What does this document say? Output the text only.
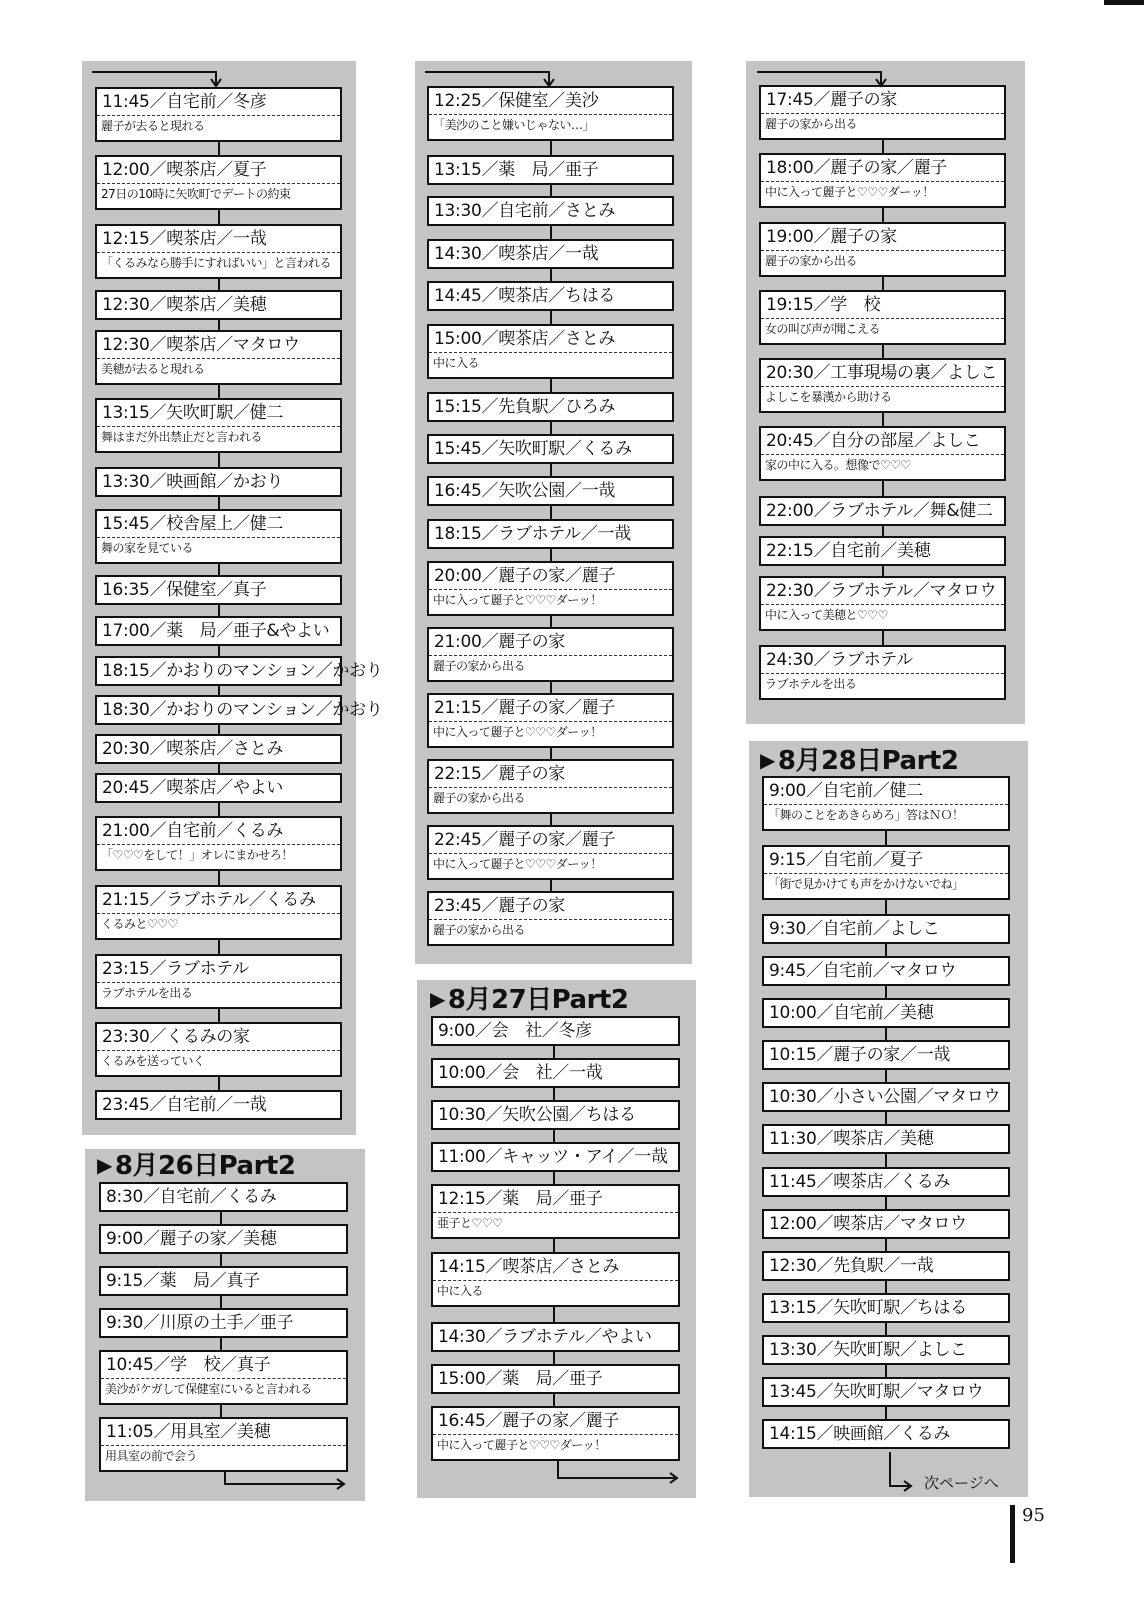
次ページへ
95
11:45／自宅前／冬彦
麗子が去ると現れる
12:00／喫茶店／夏子
27日の10時に矢吹町でデートの約束
12:15／喫茶店／一哉
「くるみなら勝手にすればいい」と言われる
12:30／喫茶店／美穂
12:30／喫茶店／マタロウ
美穂が去ると現れる
13:15／矢吹町駅／健二
舞はまだ外出禁止だと言われる
13:30／映画館／かおり
15:45／校舎屋上／健二
舞の家を見ている
16:35／保健室／真子
17:00／薬　局／亜子&やよい
18:15／かおりのマンション／かおり
18:30／かおりのマンション／かおり
20:30／喫茶店／さとみ
20:45／喫茶店／やよい
21:00／自宅前／くるみ
「♡♡♡をして！」オレにまかせろ！
21:15／ラブホテル／くるみ
くるみと♡♡♡
23:15／ラブホテル
ラブホテルを出る
23:30／くるみの家
くるみを送っていく
23:45／自宅前／一哉
▶ 8月26日Part2
8:30／自宅前／くるみ
9:00／麗子の家／美穂
9:15／薬　局／真子
9:30／川原の土手／亜子
10:45／学　校／真子
美沙がケガして保健室にいると言われる
11:05／用具室／美穂
用具室の前で会う
12:25／保健室／美沙
「美沙のこと嫌いじゃない…」
13:15／薬　局／亜子
13:30／自宅前／さとみ
14:30／喫茶店／一哉
14:45／喫茶店／ちはる
15:00／喫茶店／さとみ
中に入る
15:15／先負駅／ひろみ
15:45／矢吹町駅／くるみ
16:45／矢吹公園／一哉
18:15／ラブホテル／一哉
20:00／麗子の家／麗子
中に入って麗子と♡♡♡ダーッ！
21:00／麗子の家
麗子の家から出る
21:15／麗子の家／麗子
中に入って麗子と♡♡♡ダーッ！
22:15／麗子の家
麗子の家から出る
22:45／麗子の家／麗子
中に入って麗子と♡♡♡ダーッ！
23:45／麗子の家
麗子の家から出る
▶ 8月27日Part2
9:00／会　社／冬彦
10:00／会　社／一哉
10:30／矢吹公園／ちはる
11:00／キャッツ・アイ／一哉
12:15／薬　局／亜子
亜子と♡♡♡
14:15／喫茶店／さとみ
中に入る
14:30／ラブホテル／やよい
15:00／薬　局／亜子
16:45／麗子の家／麗子
中に入って麗子と♡♡♡ダーッ！
17:45／麗子の家
麗子の家から出る
18:00／麗子の家／麗子
中に入って麗子と♡♡♡ダーッ！
19:00／麗子の家
麗子の家から出る
19:15／学　校
女の叫び声が聞こえる
20:30／工事現場の裏／よしこ
よしこを暴漢から助ける
20:45／自分の部屋／よしこ
家の中に入る。想像で♡♡♡
22:00／ラブホテル／舞&健二
22:15／自宅前／美穂
22:30／ラブホテル／マタロウ
中に入って美穂と♡♡♡
24:30／ラブホテル
ラブホテルを出る
▶ 8月28日Part2
9:00／自宅前／健二
「舞のことをあきらめろ」答はＮＯ！
9:15／自宅前／夏子
「街で見かけても声をかけないでね」
9:30／自宅前／よしこ
9:45／自宅前／マタロウ
10:00／自宅前／美穂
10:15／麗子の家／一哉
10:30／小さい公園／マタロウ
11:30／喫茶店／美穂
11:45／喫茶店／くるみ
12:00／喫茶店／マタロウ
12:30／先負駅／一哉
13:15／矢吹町駅／ちはる
13:30／矢吹町駅／よしこ
13:45／矢吹町駅／マタロウ
14:15／映画館／くるみ
